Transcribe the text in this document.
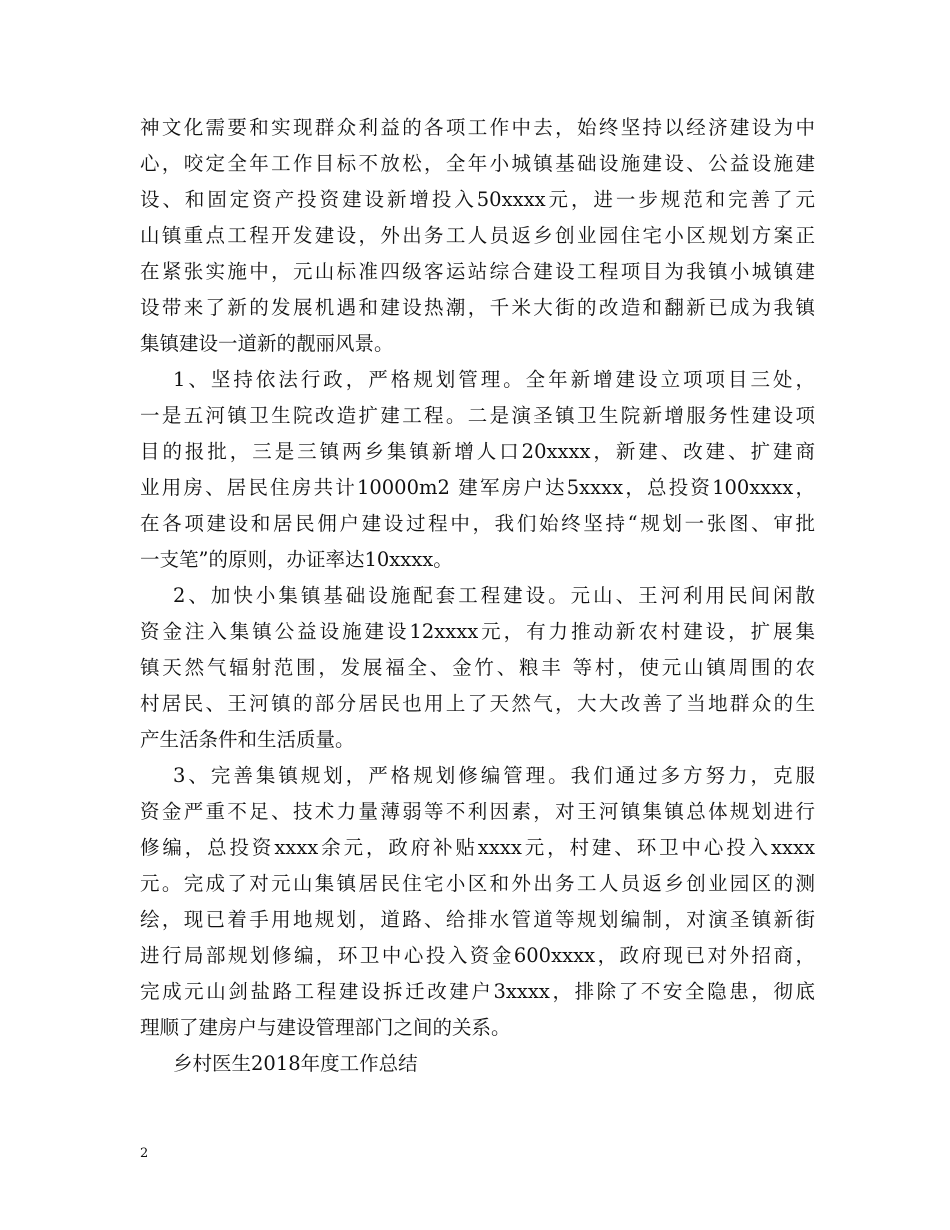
神文化需要和实现群众利益的各项工作中去，始终坚持以经济建设为中
心，咬定全年工作目标不放松，全年小城镇基础设施建设、公益设施建
设、和固定资产投资建设新增投入50xxxx元，进一步规范和完善了元
山镇重点工程开发建设，外出务工人员返乡创业园住宅小区规划方案正
在紧张实施中，元山标准四级客运站综合建设工程项目为我镇小城镇建
设带来了新的发展机遇和建设热潮，千米大街的改造和翻新已成为我镇
集镇建设一道新的靓丽风景。
1、坚持依法行政，严格规划管理。全年新增建设立项项目三处，
一是五河镇卫生院改造扩建工程。二是演圣镇卫生院新增服务性建设项
目的报批，三是三镇两乡集镇新增人口20xxxx，新建、改建、扩建商
业用房、居民住房共计10000m2 建军房户达5xxxx，总投资100xxxx，
在各项建设和居民佣户建设过程中，我们始终坚持“规划一张图、审批
一支笔”的原则，办证率达10xxxx。
2、加快小集镇基础设施配套工程建设。元山、王河利用民间闲散
资金注入集镇公益设施建设12xxxx元，有力推动新农村建设，扩展集
镇天然气辐射范围，发展福全、金竹、粮丰 等村，使元山镇周围的农
村居民、王河镇的部分居民也用上了天然气，大大改善了当地群众的生
产生活条件和生活质量。
3、完善集镇规划，严格规划修编管理。我们通过多方努力，克服
资金严重不足、技术力量薄弱等不利因素，对王河镇集镇总体规划进行
修编，总投资xxxx余元，政府补贴xxxx元，村建、环卫中心投入xxxx
元。完成了对元山集镇居民住宅小区和外出务工人员返乡创业园区的测
绘，现已着手用地规划，道路、给排水管道等规划编制，对演圣镇新街
进行局部规划修编，环卫中心投入资金600xxxx，政府现已对外招商，
完成元山剑盐路工程建设拆迁改建户3xxxx，排除了不安全隐患，彻底
理顺了建房户与建设管理部门之间的关系。
乡村医生2018年度工作总结
2
